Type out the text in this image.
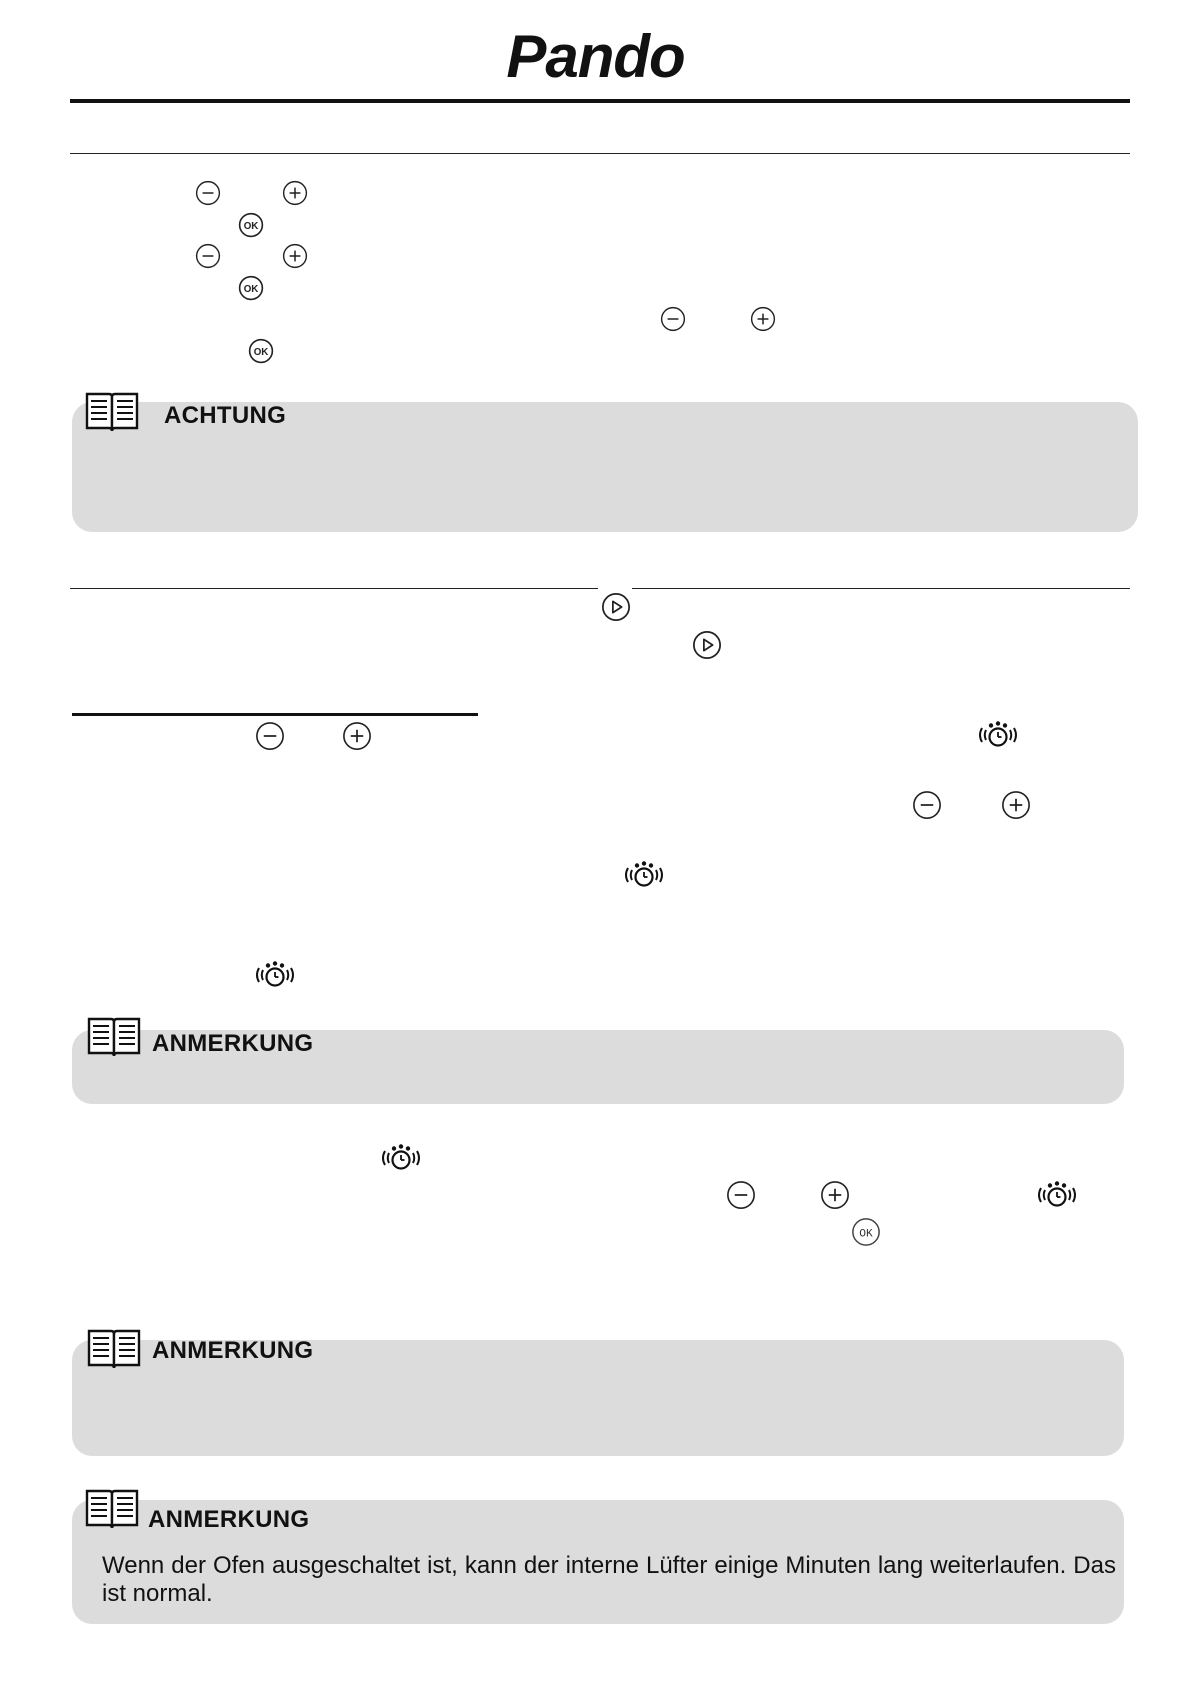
Pando
ACHTUNG
ANMERKUNG
ANMERKUNG
ANMERKUNG
Wenn der Ofen ausgeschaltet ist, kann der interne Lüfter einige Minuten lang weiterlaufen. Das ist normal.
